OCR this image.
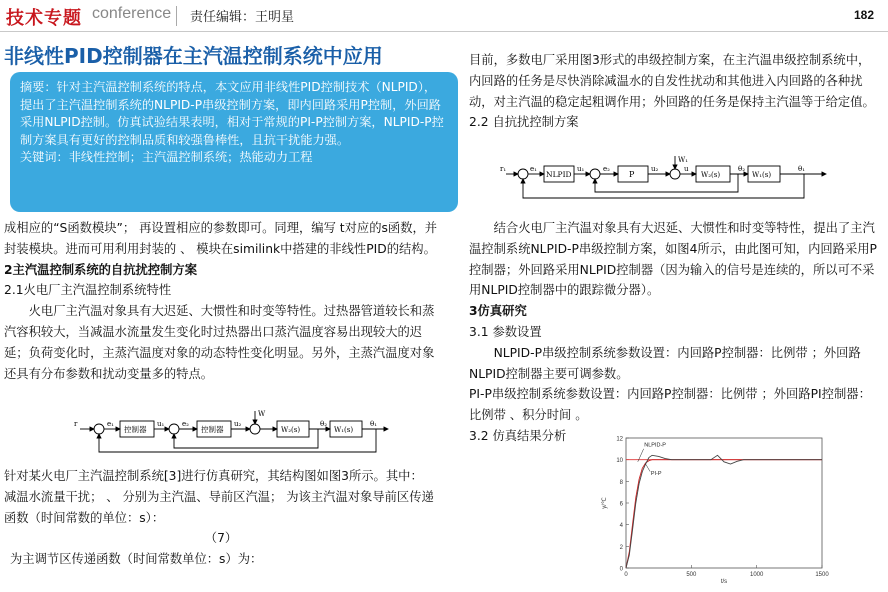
技术专题 conference 责任编辑：王明星	182
非线性PID控制器在主汽温控制系统中应用

摘要：针对主汽温控制系统的特点，本文应用非线性PID控制技术（NLPID），提出了主汽温控制系统的NLPID-P串级控制方案，即内回路采用P控制，外回路采用NLPID控制。仿真试验结果表明，相对于常规的PI-P控制方案，NLPID-P控制方案具有更好的控制品质和较强鲁棒性，且抗干扰能力强。

关键词：非线性控制；主汽温控制系统；热能动力工程

成相应的“S函数模块”； 再设置相应的参数即可。同理，编写 t对应的s函数，并封装模块。进而可用利用封装的 、 模块在similink中搭建的非线性PID的结构。

2主汽温控制系统的自抗扰控制方案

2.1火电厂主汽温控制系统特性

火电厂主汽温对象具有大迟延、大惯性和时变等特性。过热器管道较长和蒸汽容积较大，当减温水流量发生变化时过热器出口蒸汽温度容易出现较大的迟延；负荷变化时，主蒸汽温度对象的动态特性变化明显。另外，主蒸汽温度对象还具有分布参数和扰动变量多的特点。

r	e₁
控制器
u₁	e₂
控制器
u₂
W
W₂(s)
θ₂
W₁(s)
θ₁

针对某火电厂主汽温控制系统[3]进行仿真研究，其结构图如图3所示。其中： 减温水流量干扰； 、 分别为主汽温、导前区汽温； 为该主汽温对象导前区传递函数（时间常数的单位：s）：

（7）

为主调节区传递函数（时间常数单位：s）为：

目前，多数电厂采用图3形式的串级控制方案，在主汽温串级控制系统中，内回路的任务是尽快消除减温水的自发性扰动和其他进入内回路的各种扰动，对主汽温的稳定起粗调作用；外回路的任务是保持主汽温等于给定值。

2.2 自抗扰控制方案

r₁	e₁
NLPID
u₁	e₂
P
u₂
W₁
u
W₂(s)
θ₂
W₁(s)
θ₁

结合火电厂主汽温对象具有大迟延、大惯性和时变等特性，提出了主汽温控制系统NLPID-P串级控制方案，如图4所示，由此图可知，内回路采用P控制器；外回路采用NLPID控制器（因为输入的信号是连续的，所以可不采用NLPID控制器中的跟踪微分器）。

3仿真研究

3.1 参数设置

NLPID-P串级控制系统参数设置：内回路P控制器：比例带 ；外回路NLPID控制器主要可调参数。

PI-P串级控制系统参数设置：内回路P控制器：比例带 ；外回路PI控制器：比例带 、积分时间 。

3.2 仿真结果分析

0
2
4
6
8
10
12
0	500	1000	1500
y/℃
t/s
NLPID-P
PI-P
